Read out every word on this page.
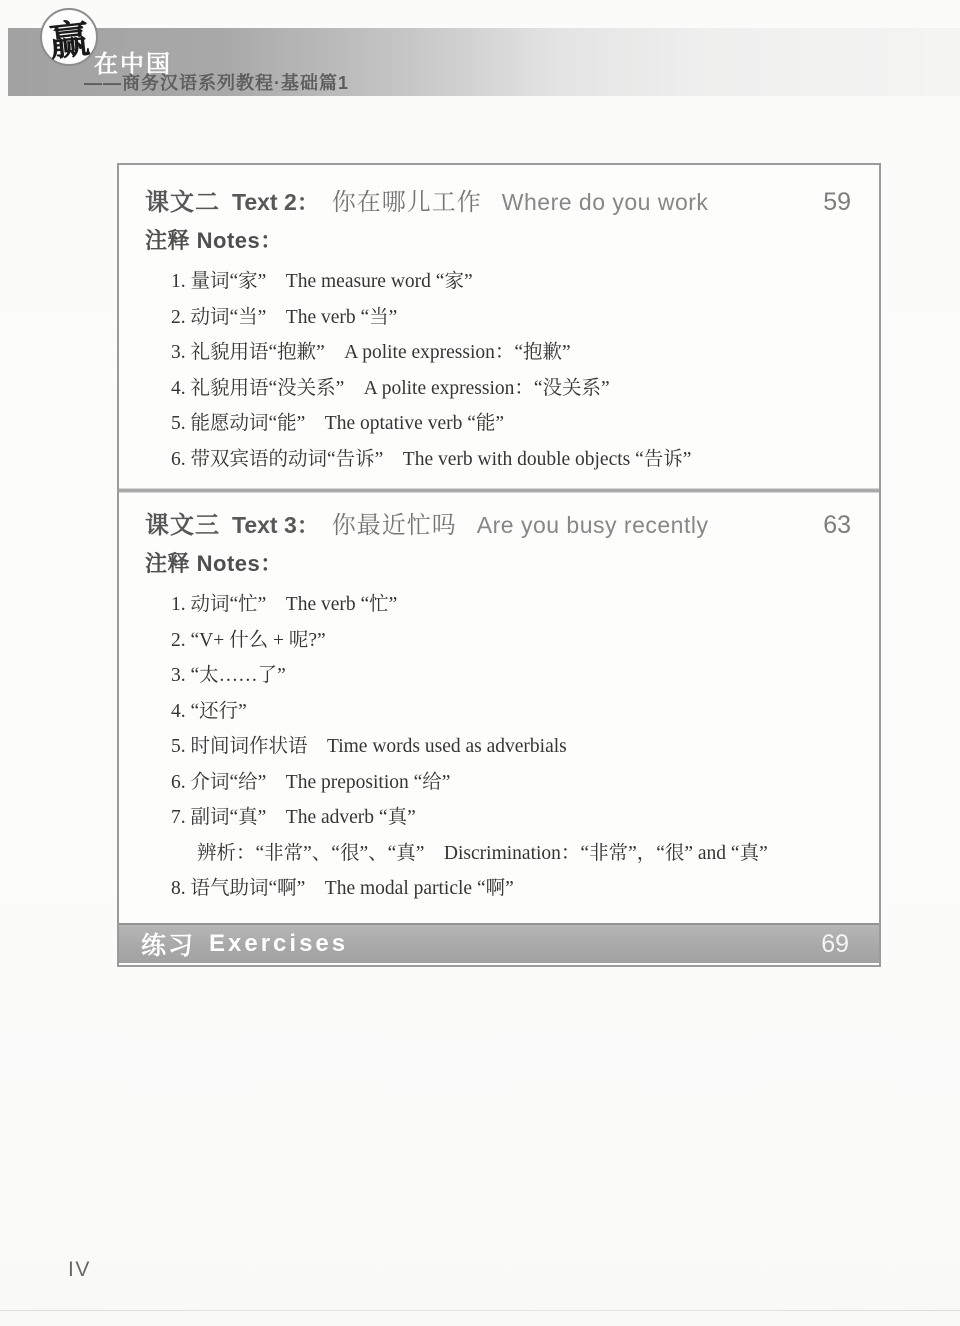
赢 在中国
——商务汉语系列教程·基础篇1
课文二 Text 2： 你在哪儿工作 Where do you work	59
注释 Notes：
1. 量词“家”　The measure word “家”
2. 动词“当”　The verb “当”
3. 礼貌用语“抱歉”　A polite expression：“抱歉”
4. 礼貌用语“没关系”　A polite expression：“没关系”
5. 能愿动词“能”　The optative verb “能”
6. 带双宾语的动词“告诉”　The verb with double objects “告诉”
课文三 Text 3： 你最近忙吗 Are you busy recently	63
注释 Notes：
1. 动词“忙”　The verb “忙”
2. “V+ 什么 + 呢?”
3. “太……了”
4. “还行”
5. 时间词作状语　Time words used as adverbials
6. 介词“给”　The preposition “给”
7. 副词“真”　The adverb “真”
辨析：“非常”、“很”、“真”　Discrimination：“非常”，“很” and “真”
8. 语气助词“啊”　The modal particle “啊”
练习 Exercises	69
IV
